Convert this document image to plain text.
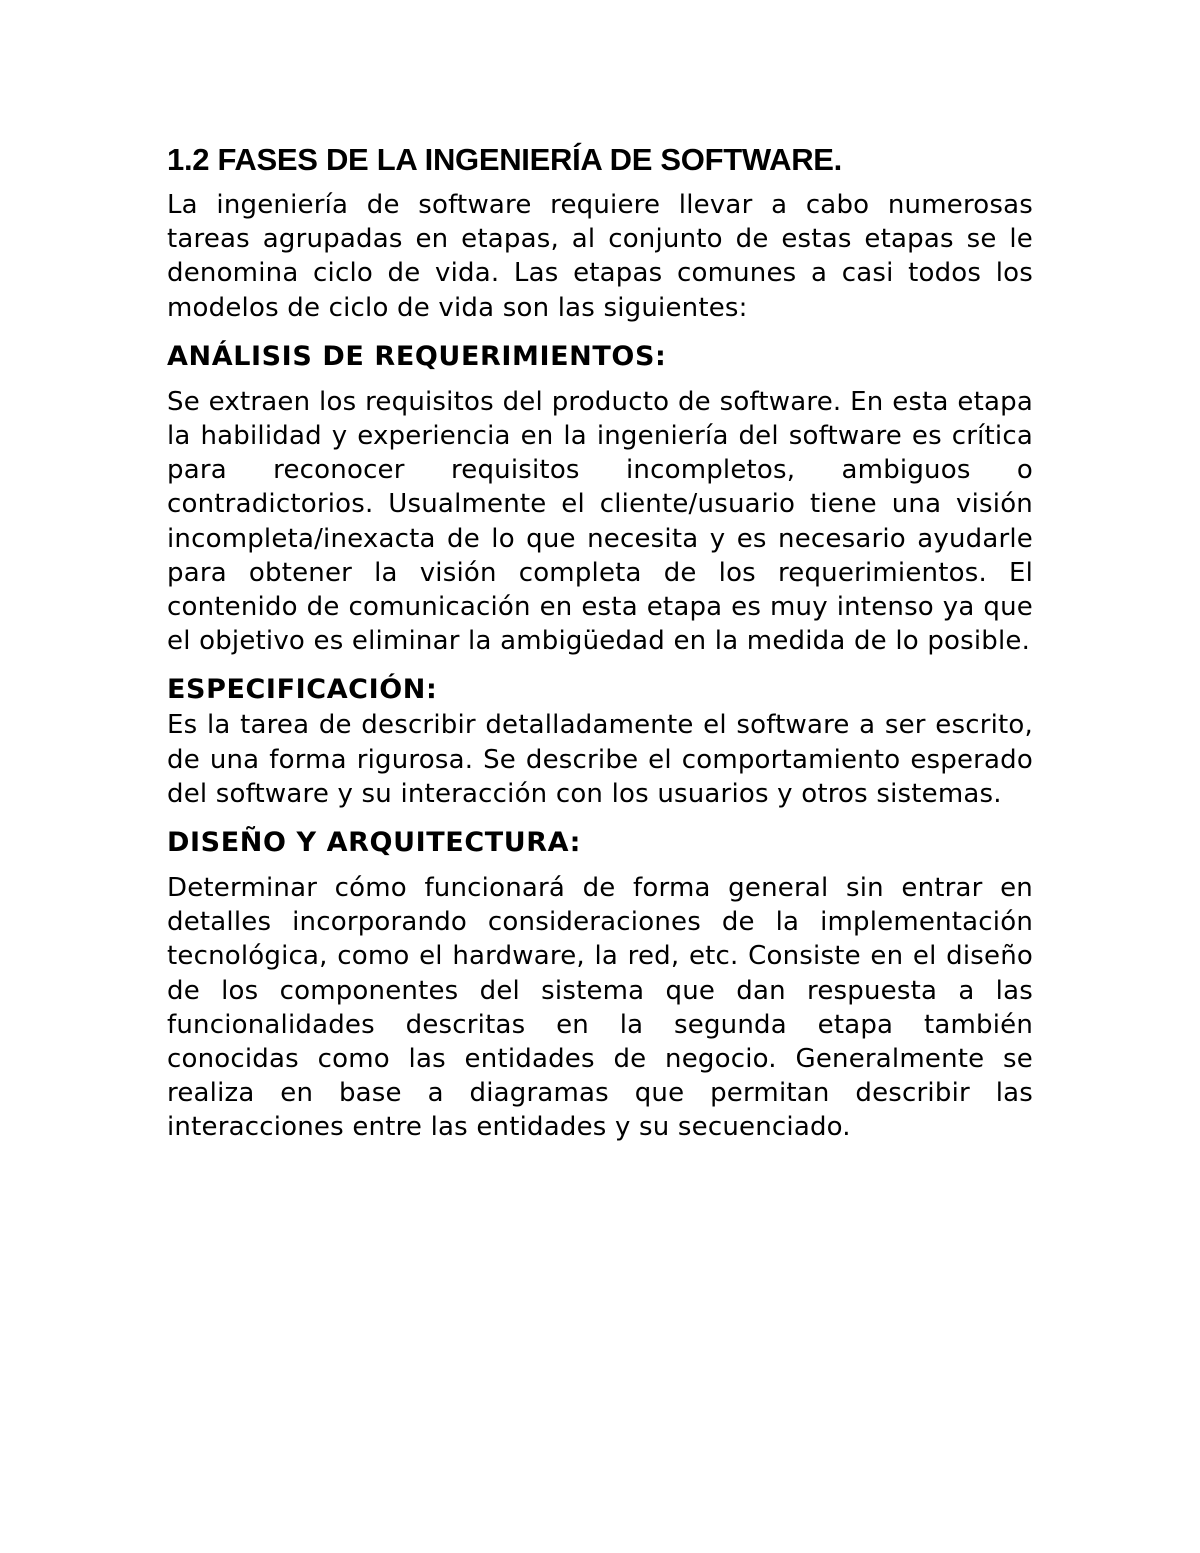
1.2 FASES DE LA INGENIERÍA DE SOFTWARE.

La ingeniería de software requiere llevar a cabo numerosas tareas agrupadas en etapas, al conjunto de estas etapas se le denomina ciclo de vida. Las etapas comunes a casi todos los modelos de ciclo de vida son las siguientes:

ANÁLISIS DE REQUERIMIENTOS:

Se extraen los requisitos del producto de software. En esta etapa la habilidad y experiencia en la ingeniería del software es crítica para reconocer requisitos incompletos, ambiguos o contradictorios. Usualmente el cliente/usuario tiene una visión incompleta/inexacta de lo que necesita y es necesario ayudarle para obtener la visión completa de los requerimientos. El contenido de comunicación en esta etapa es muy intenso ya que el objetivo es eliminar la ambigüedad en la medida de lo posible.

ESPECIFICACIÓN:

Es la tarea de describir detalladamente el software a ser escrito, de una forma rigurosa. Se describe el comportamiento esperado del software y su interacción con los usuarios y otros sistemas.

DISEÑO Y ARQUITECTURA:

Determinar cómo funcionará de forma general sin entrar en detalles incorporando consideraciones de la implementación tecnológica, como el hardware, la red, etc. Consiste en el diseño de los componentes del sistema que dan respuesta a las funcionalidades descritas en la segunda etapa también conocidas como las entidades de negocio. Generalmente se realiza en base a diagramas que permitan describir las interacciones entre las entidades y su secuenciado.
